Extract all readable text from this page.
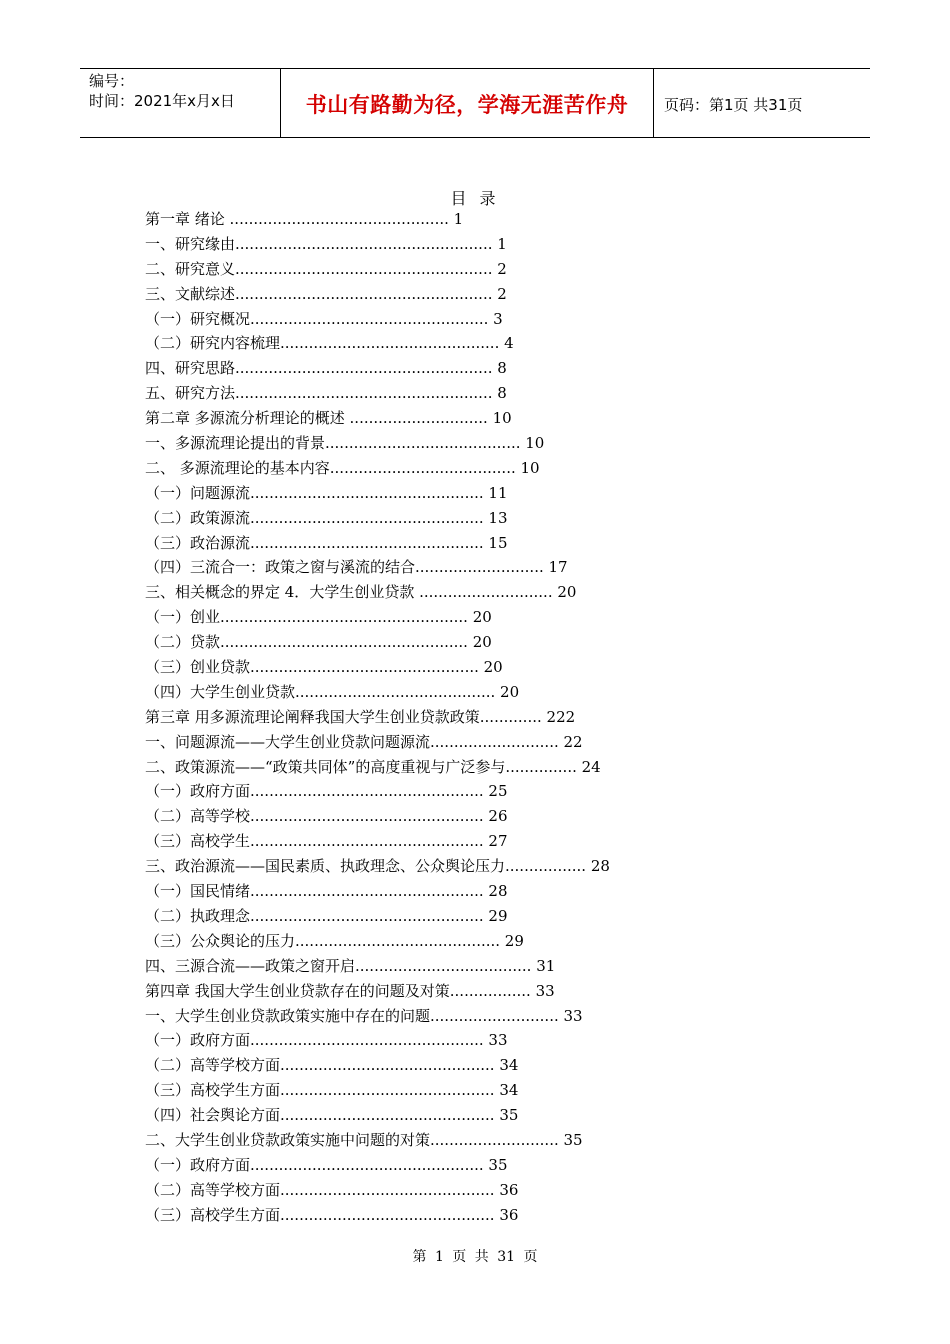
编号：
时间：2021年x月x日	书山有路勤为径，学海无涯苦作舟 页码：第1页 共31页
目 录
第一章 绪论 .............................................. 1
一、研究缘由...................................................... 1
二、研究意义...................................................... 2
三、文献综述...................................................... 2
（一）研究概况.................................................. 3
（二）研究内容梳理.............................................. 4
四、研究思路...................................................... 8
五、研究方法...................................................... 8
第二章 多源流分析理论的概述 ............................. 10
一、多源流理论提出的背景......................................... 10
二、 多源流理论的基本内容....................................... 10
（一）问题源流................................................. 11
（二）政策源流................................................. 13
（三）政治源流................................................. 15
（四）三流合一：政策之窗与溪流的结合........................... 17
三、相关概念的界定 4．大学生创业贷款 ............................ 20
（一）创业.................................................... 20
（二）贷款.................................................... 20
（三）创业贷款................................................ 20
（四）大学生创业贷款.......................................... 20
第三章 用多源流理论阐释我国大学生创业贷款政策............. 222
一、问题源流——大学生创业贷款问题源流........................... 22
二、政策源流——“政策共同体”的高度重视与广泛参与............... 24
（一）政府方面................................................. 25
（二）高等学校................................................. 26
（三）高校学生................................................. 27
三、政治源流——国民素质、执政理念、公众舆论压力................. 28
（一）国民情绪................................................. 28
（二）执政理念................................................. 29
（三）公众舆论的压力........................................... 29
四、三源合流——政策之窗开启..................................... 31
第四章 我国大学生创业贷款存在的问题及对策................. 33
一、大学生创业贷款政策实施中存在的问题........................... 33
（一）政府方面................................................. 33
（二）高等学校方面............................................. 34
（三）高校学生方面............................................. 34
（四）社会舆论方面............................................. 35
二、大学生创业贷款政策实施中问题的对策........................... 35
（一）政府方面................................................. 35
（二）高等学校方面............................................. 36
（三）高校学生方面............................................. 36
第 1 页 共 31 页
